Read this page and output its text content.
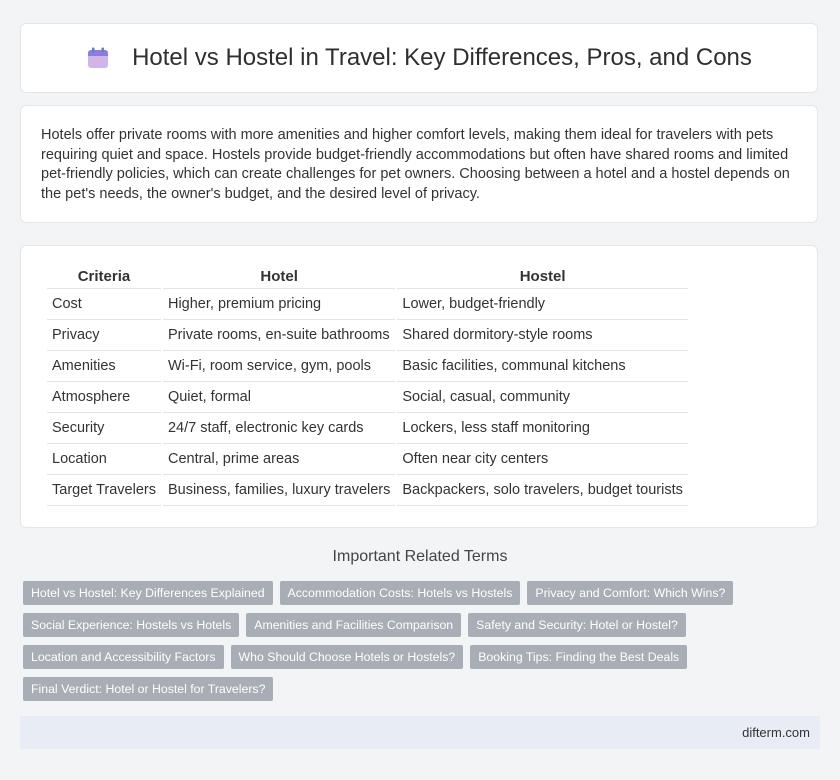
Hotel vs Hostel in Travel: Key Differences, Pros, and Cons

Hotels offer private rooms with more amenities and higher comfort levels, making them ideal for travelers with pets requiring quiet and space. Hostels provide budget-friendly accommodations but often have shared rooms and limited pet-friendly policies, which can create challenges for pet owners. Choosing between a hotel and a hostel depends on the pet's needs, the owner's budget, and the desired level of privacy.

Criteria	Hotel	Hostel
Cost	Higher, premium pricing	Lower, budget-friendly
Privacy	Private rooms, en-suite bathrooms	Shared dormitory-style rooms
Amenities	Wi-Fi, room service, gym, pools	Basic facilities, communal kitchens
Atmosphere	Quiet, formal	Social, casual, community
Security	24/7 staff, electronic key cards	Lockers, less staff monitoring
Location	Central, prime areas	Often near city centers
Target Travelers	Business, families, luxury travelers	Backpackers, solo travelers, budget tourists
Important Related Terms
Hotel vs Hostel: Key Differences Explained	Accommodation Costs: Hotels vs Hostels	Privacy and Comfort: Which Wins?
Social Experience: Hostels vs Hotels	Amenities and Facilities Comparison	Safety and Security: Hotel or Hostel?
Location and Accessibility Factors	Who Should Choose Hotels or Hostels?	Booking Tips: Finding the Best Deals
Final Verdict: Hotel or Hostel for Travelers?
difterm.com
